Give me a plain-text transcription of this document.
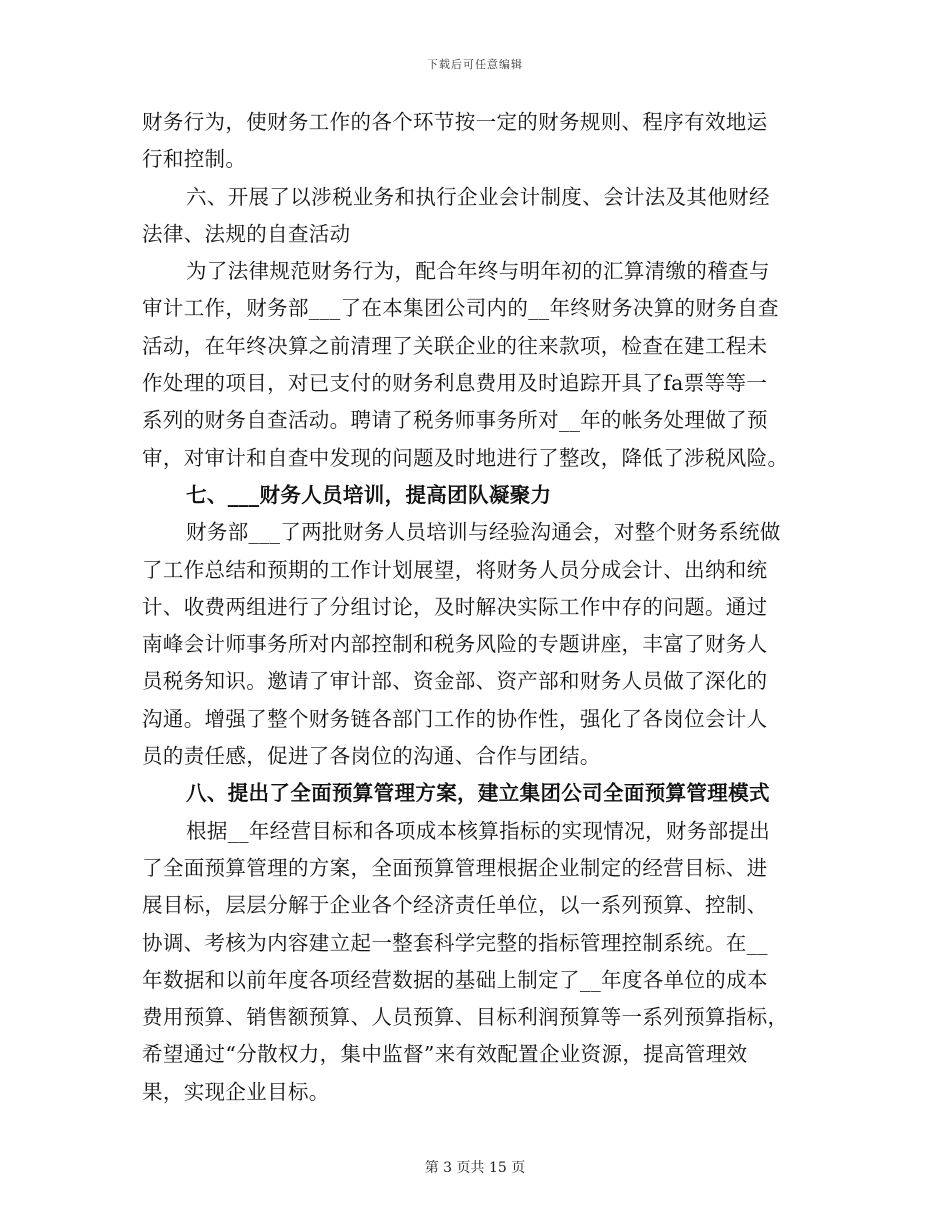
下载后可任意编辑
财务行为，使财务工作的各个环节按一定的财务规则、程序有效地运
行和控制。
六、开展了以涉税业务和执行企业会计制度、会计法及其他财经
法律、法规的自查活动
为了法律规范财务行为，配合年终与明年初的汇算清缴的稽查与
审计工作，财务部___了在本集团公司内的__年终财务决算的财务自查
活动，在年终决算之前清理了关联企业的往来款项，检查在建工程未
作处理的项目，对已支付的财务利息费用及时追踪开具了fa票等等一
系列的财务自查活动。聘请了税务师事务所对__年的帐务处理做了预
审，对审计和自查中发现的问题及时地进行了整改，降低了涉税风险。
七、___财务人员培训，提高团队凝聚力
财务部___了两批财务人员培训与经验沟通会，对整个财务系统做
了工作总结和预期的工作计划展望，将财务人员分成会计、出纳和统
计、收费两组进行了分组讨论，及时解决实际工作中存的问题。通过
南峰会计师事务所对内部控制和税务风险的专题讲座，丰富了财务人
员税务知识。邀请了审计部、资金部、资产部和财务人员做了深化的
沟通。增强了整个财务链各部门工作的协作性，强化了各岗位会计人
员的责任感，促进了各岗位的沟通、合作与团结。
八、提出了全面预算管理方案，建立集团公司全面预算管理模式
根据__年经营目标和各项成本核算指标的实现情况，财务部提出
了全面预算管理的方案，全面预算管理根据企业制定的经营目标、进
展目标，层层分解于企业各个经济责任单位，以一系列预算、控制、
协调、考核为内容建立起一整套科学完整的指标管理控制系统。在__
年数据和以前年度各项经营数据的基础上制定了__年度各单位的成本
费用预算、销售额预算、人员预算、目标利润预算等一系列预算指标，
希望通过“分散权力，集中监督”来有效配置企业资源，提高管理效
果，实现企业目标。
第 3 页共 15 页
